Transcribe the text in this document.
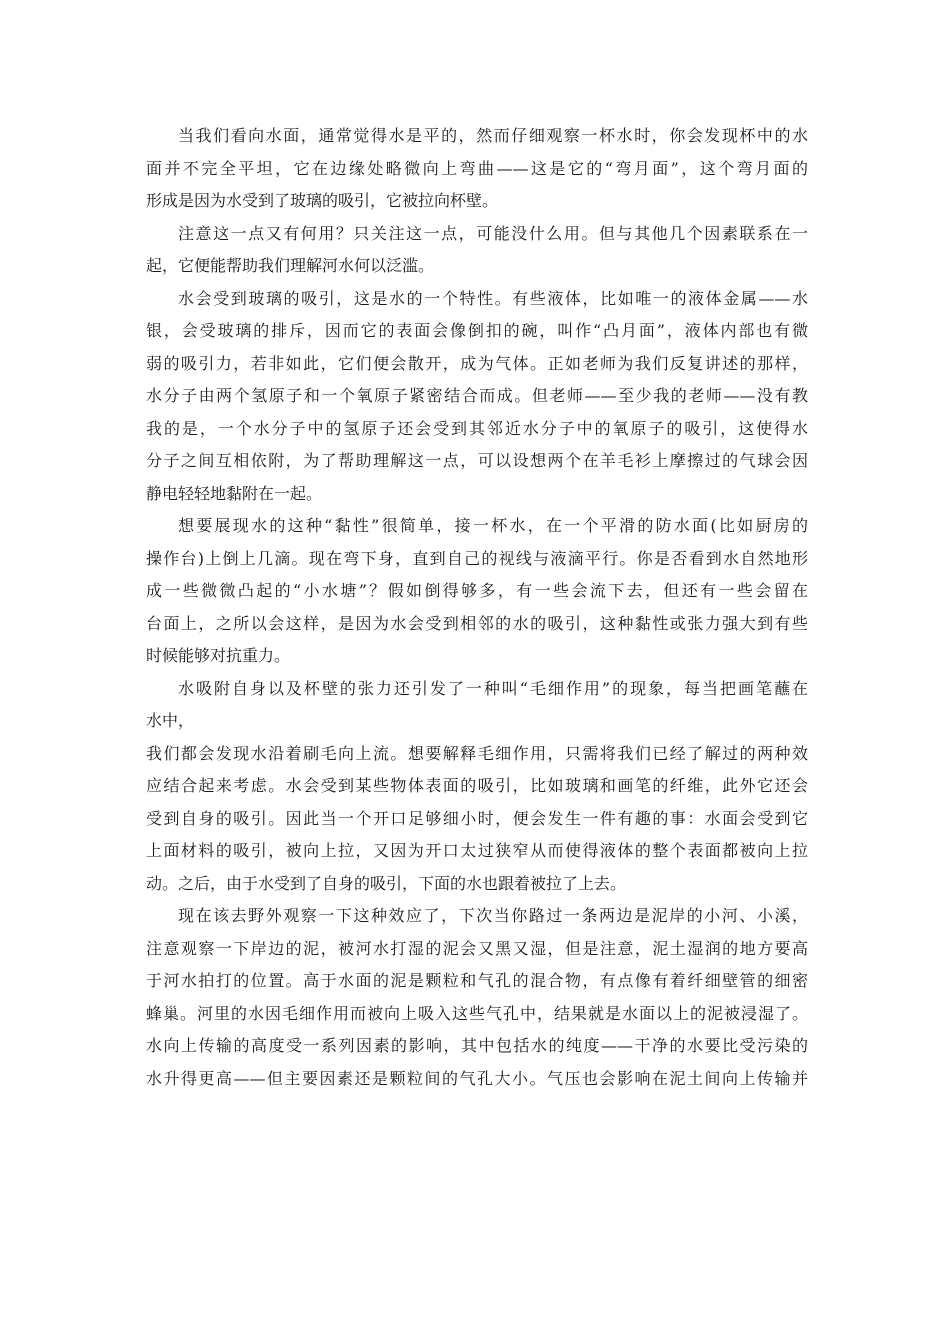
当我们看向水面，通常觉得水是平的，然而仔细观察一杯水时，你会发现杯中的水
面并不完全平坦，它在边缘处略微向上弯曲——这是它的“弯月面”，这个弯月面的
形成是因为水受到了玻璃的吸引，它被拉向杯壁。
注意这一点又有何用？只关注这一点，可能没什么用。但与其他几个因素联系在一
起，它便能帮助我们理解河水何以泛滥。
水会受到玻璃的吸引，这是水的一个特性。有些液体，比如唯一的液体金属——水
银，会受玻璃的排斥，因而它的表面会像倒扣的碗，叫作“凸月面”，液体内部也有微
弱的吸引力，若非如此，它们便会散开，成为气体。正如老师为我们反复讲述的那样，
水分子由两个氢原子和一个氧原子紧密结合而成。但老师——至少我的老师——没有教
我的是，一个水分子中的氢原子还会受到其邻近水分子中的氧原子的吸引，这使得水
分子之间互相依附，为了帮助理解这一点，可以设想两个在羊毛衫上摩擦过的气球会因
静电轻轻地黏附在一起。
想要展现水的这种“黏性”很简单，接一杯水，在一个平滑的防水面(比如厨房的
操作台)上倒上几滴。现在弯下身，直到自己的视线与液滴平行。你是否看到水自然地形
成一些微微凸起的“小水塘”？假如倒得够多，有一些会流下去，但还有一些会留在
台面上，之所以会这样，是因为水会受到相邻的水的吸引，这种黏性或张力强大到有些
时候能够对抗重力。
水吸附自身以及杯壁的张力还引发了一种叫“毛细作用”的现象，每当把画笔蘸在
水中，
我们都会发现水沿着刷毛向上流。想要解释毛细作用，只需将我们已经了解过的两种效
应结合起来考虑。水会受到某些物体表面的吸引，比如玻璃和画笔的纤维，此外它还会
受到自身的吸引。因此当一个开口足够细小时，便会发生一件有趣的事：水面会受到它
上面材料的吸引，被向上拉，又因为开口太过狭窄从而使得液体的整个表面都被向上拉
动。之后，由于水受到了自身的吸引，下面的水也跟着被拉了上去。
现在该去野外观察一下这种效应了，下次当你路过一条两边是泥岸的小河、小溪，
注意观察一下岸边的泥，被河水打湿的泥会又黑又湿，但是注意，泥土湿润的地方要高
于河水拍打的位置。高于水面的泥是颗粒和气孔的混合物，有点像有着纤细壁管的细密
蜂巢。河里的水因毛细作用而被向上吸入这些气孔中，结果就是水面以上的泥被浸湿了。
水向上传输的高度受一系列因素的影响，其中包括水的纯度——干净的水要比受污染的
水升得更高——但主要因素还是颗粒间的气孔大小。气压也会影响在泥土间向上传输并
